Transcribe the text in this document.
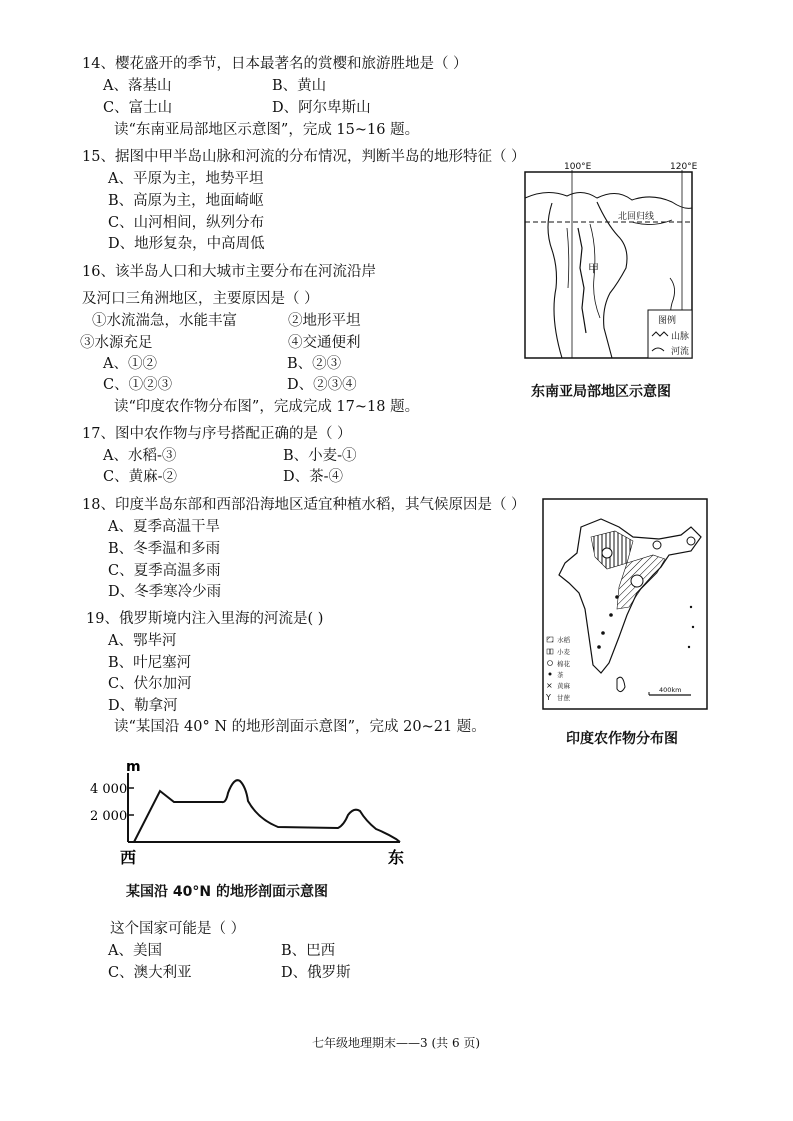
14、樱花盛开的季节，日本最著名的赏樱和旅游胜地是（ ）
A、落基山	B、黄山
C、富士山	D、阿尔卑斯山
读“东南亚局部地区示意图”，完成 15~16 题。
15、据图中甲半岛山脉和河流的分布情况，判断半岛的地形特征（ ）
A、平原为主，地势平坦
B、高原为主，地面崎岖
C、山河相间，纵列分布
D、地形复杂，中高周低
16、该半岛人口和大城市主要分布在河流沿岸
及河口三角洲地区，主要原因是（ ）
①水流湍急，水能丰富	②地形平坦
③水源充足	④交通便利
A、①②	B、②③
C、①②③	D、②③④
读“印度农作物分布图”，完成完成 17~18 题。
17、图中农作物与序号搭配正确的是（ ）
A、水稻-③	B、小麦-①
C、黄麻-②	D、茶-④
18、印度半岛东部和西部沿海地区适宜种植水稻，其气候原因是（ ）
A、夏季高温干旱
B、冬季温和多雨
C、夏季高温多雨
D、冬季寒冷少雨
19、俄罗斯境内注入里海的河流是( )
A、鄂毕河
B、叶尼塞河
C、伏尔加河
D、勒拿河
读“某国沿 40° N 的地形剖面示意图”，完成 20~21 题。
100°E	120°E
北回归线
甲
图例
山脉
河流
东南亚局部地区示意图
×
Y
水稻
小麦
棉花
茶
黄麻
甘蔗
400km
印度农作物分布图
m
4 000
2 000
西	东
某国沿 40°N 的地形剖面示意图
这个国家可能是（ ）
A、美国	B、巴西
C、澳大利亚	D、俄罗斯
七年级地理期末——3 (共 6 页)
